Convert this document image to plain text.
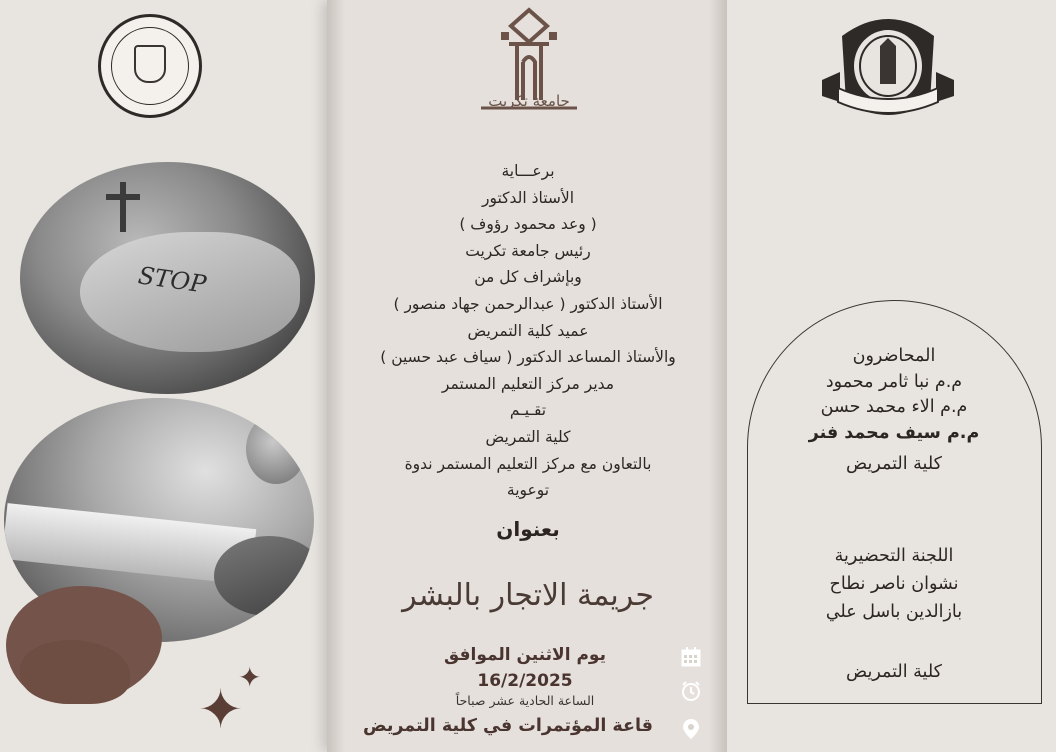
STOP
✦
✦
جامعة تكريت
برعـــاية
الأستاذ الدكتور
( وعد محمود رؤوف )
رئيس جامعة تكريت
وبإشراف كل من
الأستاذ الدكتور ( عبدالرحمن جهاد منصور )
عميد كلية التمريض
والأستاذ المساعد الدكتور ( سياف عبد حسين )
مدير مركز التعليم المستمر
تقـيـم
كلية التمريض
بالتعاون مع مركز التعليم المستمر ندوة
توعوية
بعنوان
جريمة الاتجار بالبشر
يوم الاثنين الموافق
16/2/2025
الساعة الحادية عشر صباحاً
قاعة المؤتمرات في كلية التمريض
المحاضرون
م.م نبا ثامر محمود
م.م الاء محمد حسن
م.م سيف محمد فنر
كلية التمريض
اللجنة التحضيرية
نشوان ناصر نطاح
بازالدين باسل علي
كلية التمريض
